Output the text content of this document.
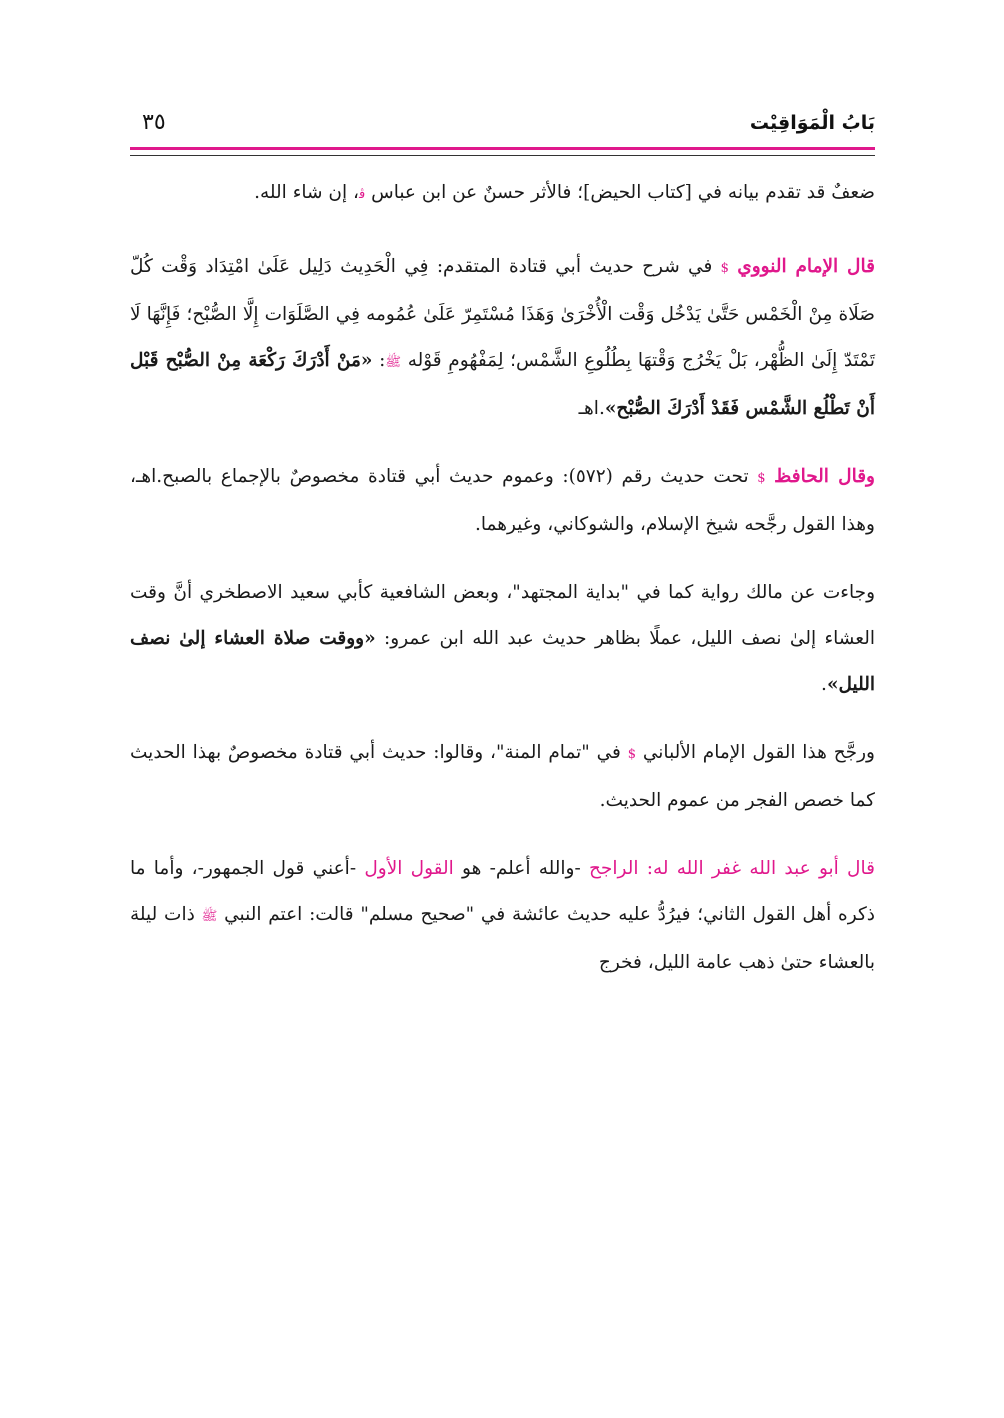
بَابُ الْمَوَاقِيْت
٣٥

ضعفٌ قد تقدم بيانه في [كتاب الحيض]؛ فالأثر حسنٌ عن ابن عباس ﭬ، إن شاء الله.

قال الإمام النووي $ في شرح حديث أبي قتادة المتقدم: فِي الْحَدِيث دَلِيل عَلَىٰ امْتِدَاد وَقْت كُلّ صَلَاة مِنْ الْخَمْس حَتَّىٰ يَدْخُل وَقْت الْأُخْرَىٰ وَهَذَا مُسْتَمِرّ عَلَىٰ عُمُومه فِي الصَّلَوَات إِلَّا الصُّبْح؛ فَإِنَّهَا لَا تَمْتَدّ إِلَىٰ الظُّهْر، بَلْ يَخْرُج وَقْتهَا بِطُلُوعِ الشَّمْس؛ لِمَفْهُومِ قَوْله ﷺ: «مَنْ أَدْرَكَ رَكْعَة مِنْ الصُّبْح قَبْل أَنْ تَطْلُع الشَّمْس فَقَدْ أَدْرَكَ الصُّبْح».اهـ

وقال الحافظ $ تحت حديث رقم (٥٧٢): وعموم حديث أبي قتادة مخصوصٌ بالإجماع بالصبح.اهـ، وهذا القول رجَّحه شيخ الإسلام، والشوكاني، وغيرهما.

وجاءت عن مالك رواية كما في "بداية المجتهد"، وبعض الشافعية كأبي سعيد الاصطخري أنَّ وقت العشاء إلىٰ نصف الليل، عملًا بظاهر حديث عبد الله ابن عمرو: «ووقت صلاة العشاء إلىٰ نصف الليل».

ورجَّح هذا القول الإمام الألباني $ في "تمام المنة"، وقالوا: حديث أبي قتادة مخصوصٌ بهذا الحديث كما خصص الفجر من عموم الحديث.

قال أبو عبد الله غفر الله له: الراجح -والله أعلم- هو القول الأول -أعني قول الجمهور-، وأما ما ذكره أهل القول الثاني؛ فيرُدُّ عليه حديث عائشة في "صحيح مسلم" قالت: اعتم النبي ﷺ ذات ليلة بالعشاء حتىٰ ذهب عامة الليل، فخرج
